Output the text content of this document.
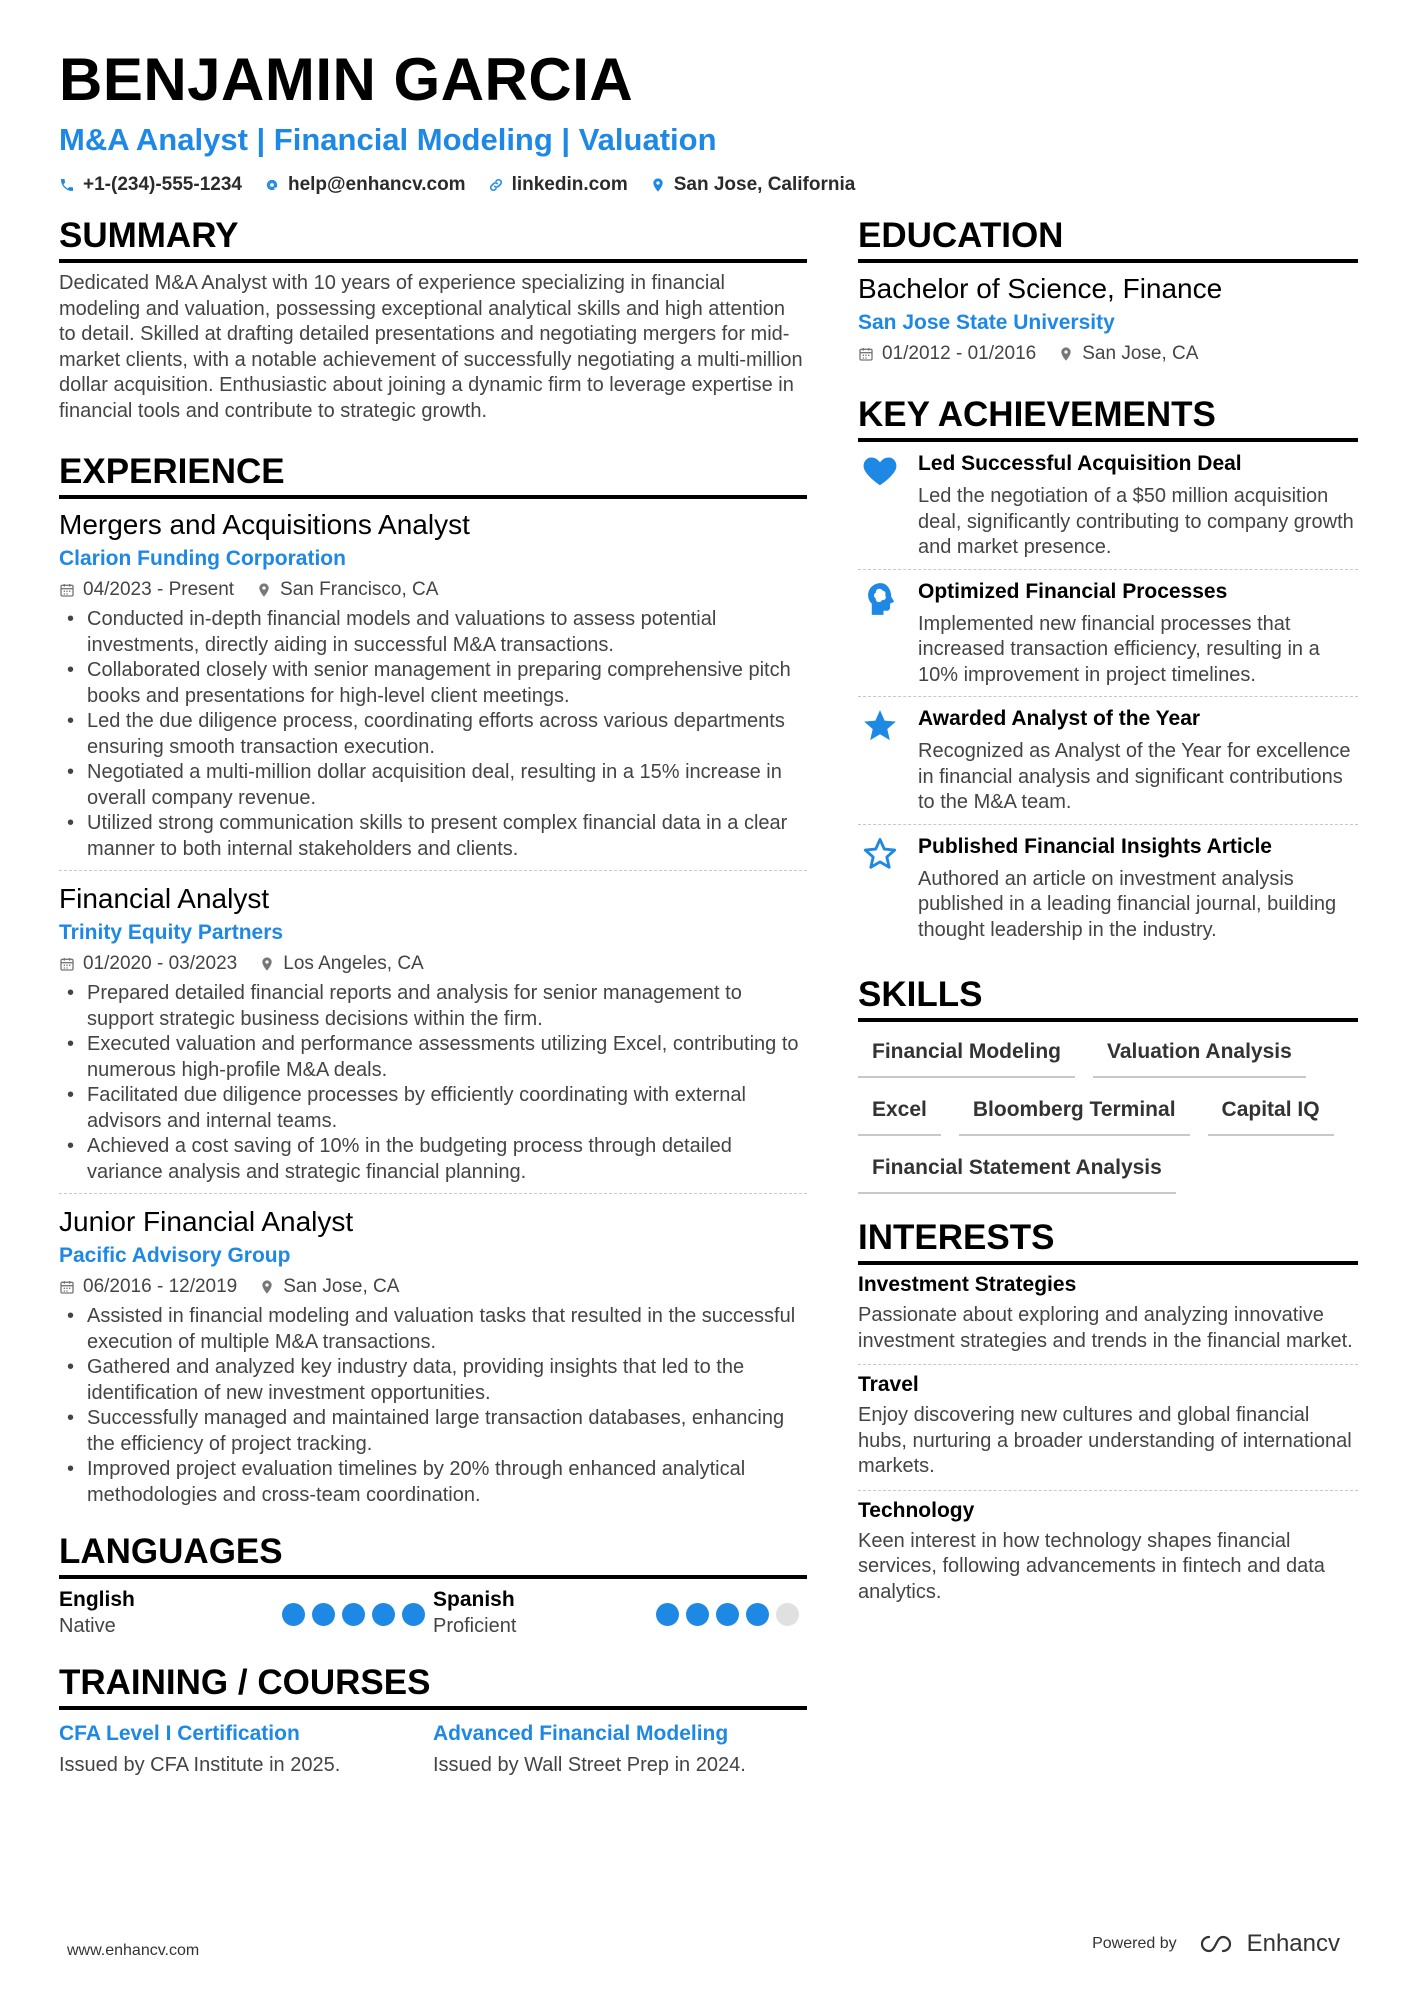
BENJAMIN GARCIA
M&A Analyst | Financial Modeling | Valuation
+1-(234)-555-1234 help@enhancv.com linkedin.com San Jose, California
SUMMARY
Dedicated M&A Analyst with 10 years of experience specializing in financial modeling and valuation, possessing exceptional analytical skills and high attention to detail. Skilled at drafting detailed presentations and negotiating mergers for mid-market clients, with a notable achievement of successfully negotiating a multi-million dollar acquisition. Enthusiastic about joining a dynamic firm to leverage expertise in financial tools and contribute to strategic growth.
EXPERIENCE
Mergers and Acquisitions Analyst
Clarion Funding Corporation
04/2023 - Present San Francisco, CA
• Conducted in-depth financial models and valuations to assess potential investments, directly aiding in successful M&A transactions.
• Collaborated closely with senior management in preparing comprehensive pitch books and presentations for high-level client meetings.
• Led the due diligence process, coordinating efforts across various departments ensuring smooth transaction execution.
• Negotiated a multi-million dollar acquisition deal, resulting in a 15% increase in overall company revenue.
• Utilized strong communication skills to present complex financial data in a clear manner to both internal stakeholders and clients.
Financial Analyst
Trinity Equity Partners
01/2020 - 03/2023 Los Angeles, CA
• Prepared detailed financial reports and analysis for senior management to support strategic business decisions within the firm.
• Executed valuation and performance assessments utilizing Excel, contributing to numerous high-profile M&A deals.
• Facilitated due diligence processes by efficiently coordinating with external advisors and internal teams.
• Achieved a cost saving of 10% in the budgeting process through detailed variance analysis and strategic financial planning.
Junior Financial Analyst
Pacific Advisory Group
06/2016 - 12/2019 San Jose, CA
• Assisted in financial modeling and valuation tasks that resulted in the successful execution of multiple M&A transactions.
• Gathered and analyzed key industry data, providing insights that led to the identification of new investment opportunities.
• Successfully managed and maintained large transaction databases, enhancing the efficiency of project tracking.
• Improved project evaluation timelines by 20% through enhanced analytical methodologies and cross-team coordination.
LANGUAGES
English
Native
Spanish
Proficient
TRAINING / COURSES
CFA Level I Certification
Issued by CFA Institute in 2025.
Advanced Financial Modeling
Issued by Wall Street Prep in 2024.
EDUCATION
Bachelor of Science, Finance
San Jose State University
01/2012 - 01/2016 San Jose, CA
KEY ACHIEVEMENTS
Led Successful Acquisition Deal
Led the negotiation of a $50 million acquisition deal, significantly contributing to company growth and market presence.
Optimized Financial Processes
Implemented new financial processes that increased transaction efficiency, resulting in a 10% improvement in project timelines.
Awarded Analyst of the Year
Recognized as Analyst of the Year for excellence in financial analysis and significant contributions to the M&A team.
Published Financial Insights Article
Authored an article on investment analysis published in a leading financial journal, building thought leadership in the industry.
SKILLS
Financial Modeling	Valuation Analysis
Excel	Bloomberg Terminal	Capital IQ
Financial Statement Analysis
INTERESTS
Investment Strategies
Passionate about exploring and analyzing innovative investment strategies and trends in the financial market.
Travel
Enjoy discovering new cultures and global financial hubs, nurturing a broader understanding of international markets.
Technology
Keen interest in how technology shapes financial services, following advancements in fintech and data analytics.
www.enhancv.com	Powered by	Enhancv
